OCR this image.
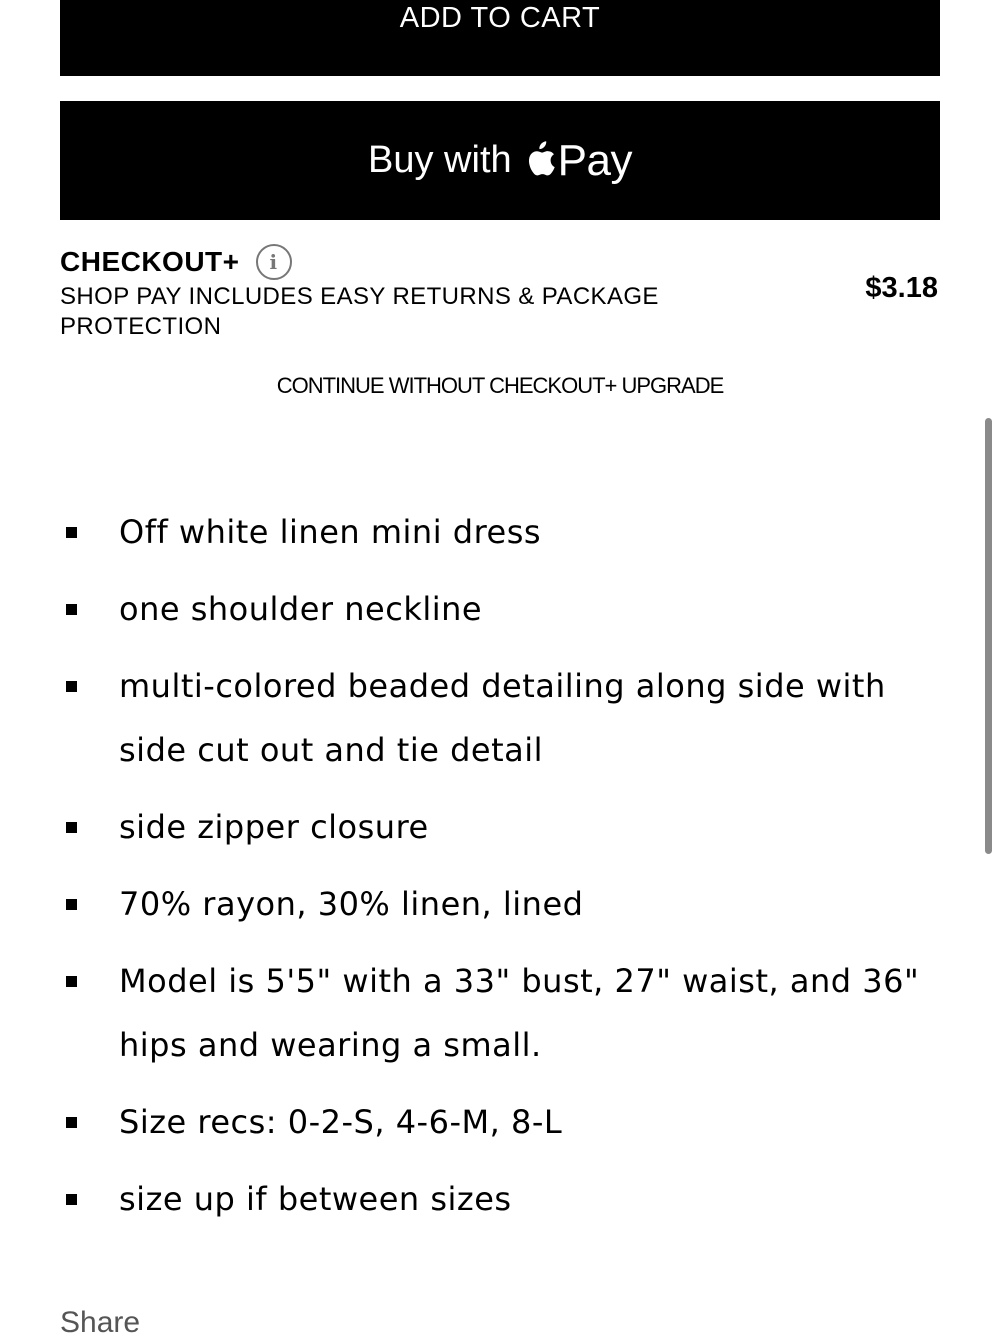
ADD TO CART
Buy with Pay
CHECKOUT+	i
SHOP PAY INCLUDES EASY RETURNS & PACKAGE PROTECTION
$3.18
CONTINUE WITHOUT CHECKOUT+ UPGRADE
Off white linen mini dress
one shoulder neckline
multi-colored beaded detailing along side with side cut out and tie detail
side zipper closure
70% rayon, 30% linen, lined
Model is 5'5" with a 33" bust, 27" waist, and 36" hips and wearing a small.
Size recs: 0-2-S, 4-6-M, 8-L
size up if between sizes
Share
